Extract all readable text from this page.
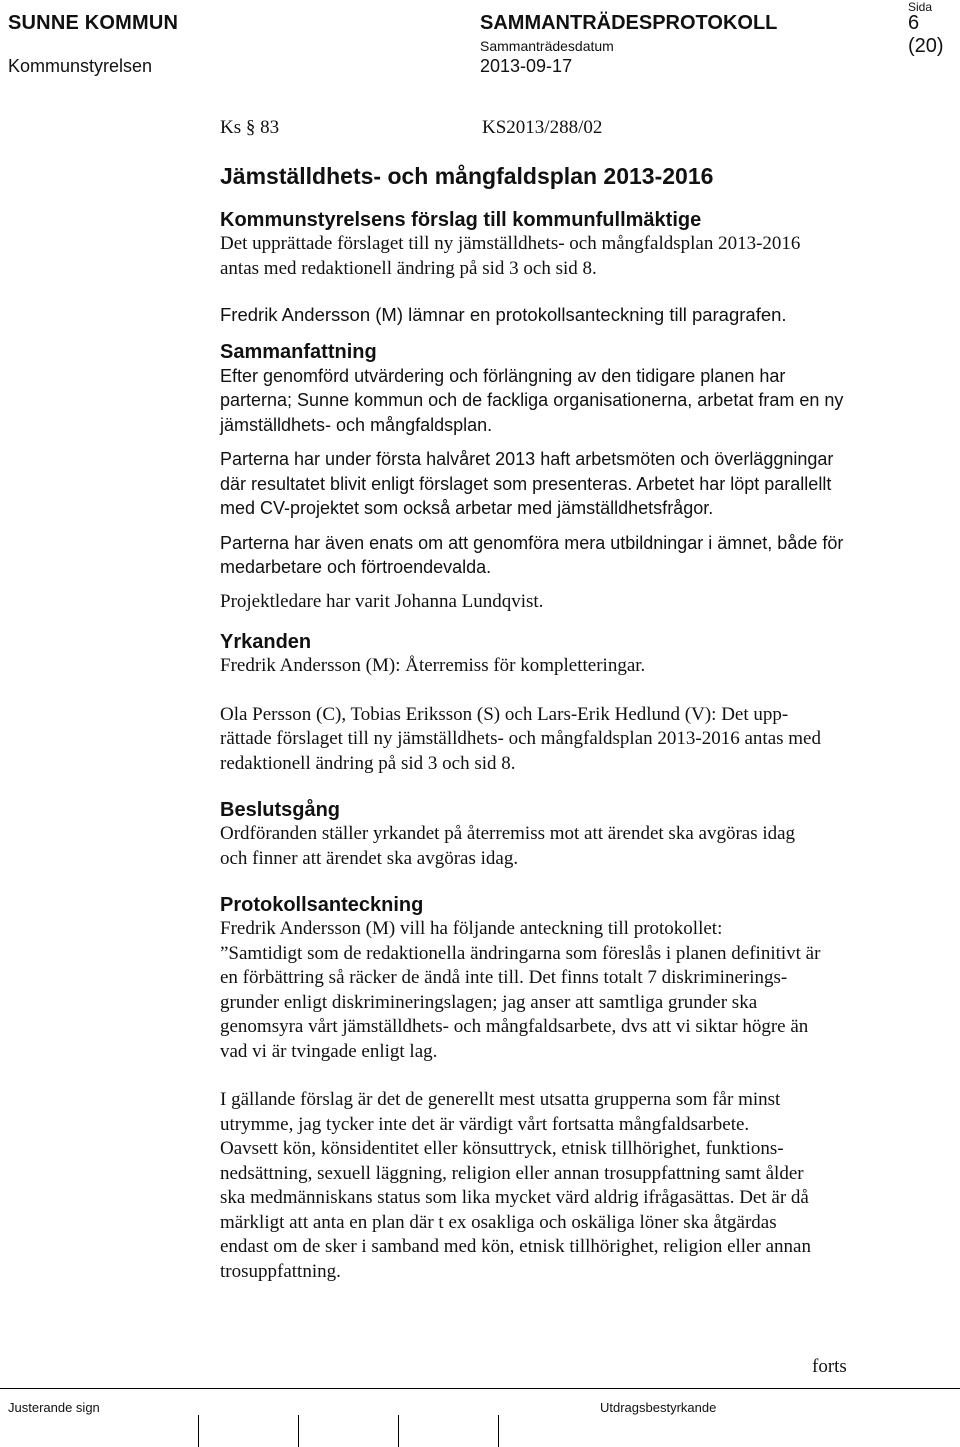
SUNNE KOMMUN
Kommunstyrelsen
SAMMANTRÄDESPROTOKOLL
Sammanträdesdatum
2013-09-17
Sida
6 (20)
Ks § 83	KS2013/288/02
Jämställdhets- och mångfaldsplan 2013-2016
Kommunstyrelsens förslag till kommunfullmäktige
Det upprättade förslaget till ny jämställdhets- och mångfaldsplan 2013-2016
antas med redaktionell ändring på sid 3 och sid 8.
Fredrik Andersson (M) lämnar en protokollsanteckning till paragrafen.
Sammanfattning
Efter genomförd utvärdering och förlängning av den tidigare planen har
parterna; Sunne kommun och de fackliga organisationerna, arbetat fram en ny
jämställdhets- och mångfaldsplan.
Parterna har under första halvåret 2013 haft arbetsmöten och överläggningar
där resultatet blivit enligt förslaget som presenteras. Arbetet har löpt parallellt
med CV-projektet som också arbetar med jämställdhetsfrågor.
Parterna har även enats om att genomföra mera utbildningar i ämnet, både för
medarbetare och förtroendevalda.
Projektledare har varit Johanna Lundqvist.
Yrkanden
Fredrik Andersson (M): Återremiss för kompletteringar.
Ola Persson (C), Tobias Eriksson (S) och Lars-Erik Hedlund (V): Det upp-
rättade förslaget till ny jämställdhets- och mångfaldsplan 2013-2016 antas med
redaktionell ändring på sid 3 och sid 8.
Beslutsgång
Ordföranden ställer yrkandet på återremiss mot att ärendet ska avgöras idag
och finner att ärendet ska avgöras idag.
Protokollsanteckning
Fredrik Andersson (M) vill ha följande anteckning till protokollet:
”Samtidigt som de redaktionella ändringarna som föreslås i planen definitivt är
en förbättring så räcker de ändå inte till. Det finns totalt 7 diskriminerings-
grunder enligt diskrimineringslagen; jag anser att samtliga grunder ska
genomsyra vårt jämställdhets- och mångfaldsarbete, dvs att vi siktar högre än
vad vi är tvingade enligt lag.
I gällande förslag är det de generellt mest utsatta grupperna som får minst
utrymme, jag tycker inte det är värdigt vårt fortsatta mångfaldsarbete.
Oavsett kön, könsidentitet eller könsuttryck, etnisk tillhörighet, funktions-
nedsättning, sexuell läggning, religion eller annan trosuppfattning samt ålder
ska medmänniskans status som lika mycket värd aldrig ifrågasättas. Det är då
märkligt att anta en plan där t ex osakliga och oskäliga löner ska åtgärdas
endast om de sker i samband med kön, etnisk tillhörighet, religion eller annan
trosuppfattning.
forts
Justerande sign	Utdragsbestyrkande
